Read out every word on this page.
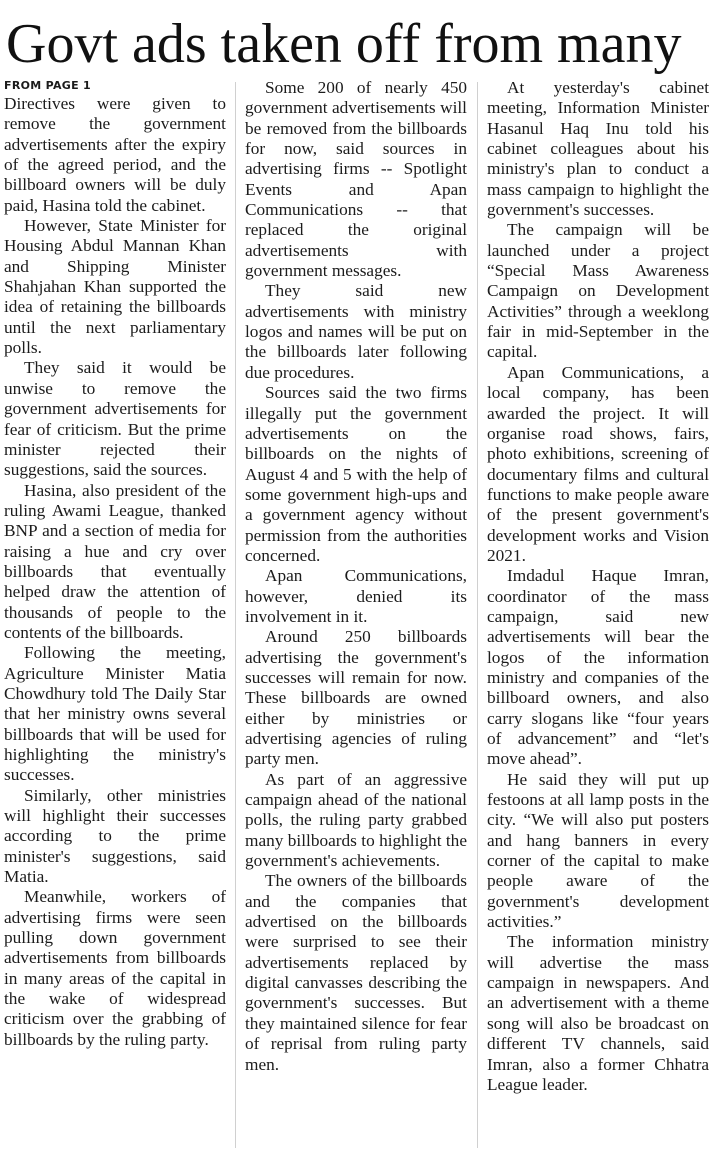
Govt ads taken off from many
FROM PAGE 1

Directives were given to remove the government advertisements after the expiry of the agreed period, and the billboard owners will be duly paid, Hasina told the cabinet.

However, State Minister for Housing Abdul Mannan Khan and Shipping Minister Shahjahan Khan supported the idea of retaining the billboards until the next parliamentary polls.

They said it would be unwise to remove the government advertisements for fear of criticism. But the prime minister rejected their suggestions, said the sources.

Hasina, also president of the ruling Awami League, thanked BNP and a section of media for raising a hue and cry over billboards that eventually helped draw the attention of thousands of people to the contents of the billboards.

Following the meeting, Agriculture Minister Matia Chowdhury told The Daily Star that her ministry owns several billboards that will be used for highlighting the ministry's successes.

Similarly, other ministries will highlight their successes according to the prime minister's suggestions, said Matia.

Meanwhile, workers of advertising firms were seen pulling down government advertisements from billboards in many areas of the capital in the wake of widespread criticism over the grabbing of billboards by the ruling party.

Some 200 of nearly 450 government advertisements will be removed from the billboards for now, said sources in advertising firms -- Spotlight Events and Apan Communications -- that replaced the original advertisements with government messages.

They said new advertisements with ministry logos and names will be put on the billboards later following due procedures.

Sources said the two firms illegally put the government advertisements on the billboards on the nights of August 4 and 5 with the help of some government high-ups and a government agency without permission from the authorities concerned.

Apan Communications, however, denied its involvement in it.

Around 250 billboards advertising the government's successes will remain for now. These billboards are owned either by ministries or advertising agencies of ruling party men.

As part of an aggressive campaign ahead of the national polls, the ruling party grabbed many billboards to highlight the government's achievements.

The owners of the billboards and the companies that advertised on the billboards were surprised to see their advertisements replaced by digital canvasses describing the government's successes. But they maintained silence for fear of reprisal from ruling party men.

At yesterday's cabinet meeting, Information Minister Hasanul Haq Inu told his cabinet colleagues about his ministry's plan to conduct a mass campaign to highlight the government's successes.

The campaign will be launched under a project “Special Mass Awareness Campaign on Development Activities” through a weeklong fair in mid-September in the capital.

Apan Communications, a local company, has been awarded the project. It will organise road shows, fairs, photo exhibitions, screening of documentary films and cultural functions to make people aware of the present government's development works and Vision 2021.

Imdadul Haque Imran, coordinator of the mass campaign, said new advertisements will bear the logos of the information ministry and companies of the billboard owners, and also carry slogans like “four years of advancement” and “let's move ahead”.

He said they will put up festoons at all lamp posts in the city. “We will also put posters and hang banners in every corner of the capital to make people aware of the government's development activities.”

The information ministry will advertise the mass campaign in newspapers. And an advertisement with a theme song will also be broadcast on different TV channels, said Imran, also a former Chhatra League leader.
